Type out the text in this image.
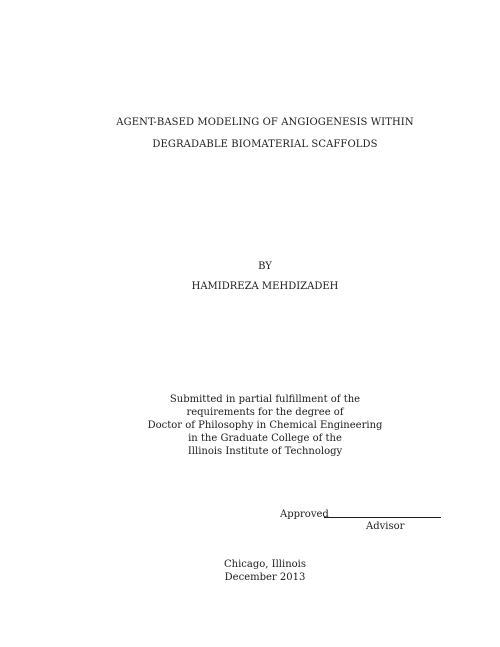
AGENT-BASED MODELING OF ANGIOGENESIS WITHIN
DEGRADABLE BIOMATERIAL SCAFFOLDS
BY
HAMIDREZA MEHDIZADEH
Submitted in partial fulfillment of the
requirements for the degree of
Doctor of Philosophy in Chemical Engineering
in the Graduate College of the
Illinois Institute of Technology
Approved
Advisor
Chicago, Illinois
December 2013
